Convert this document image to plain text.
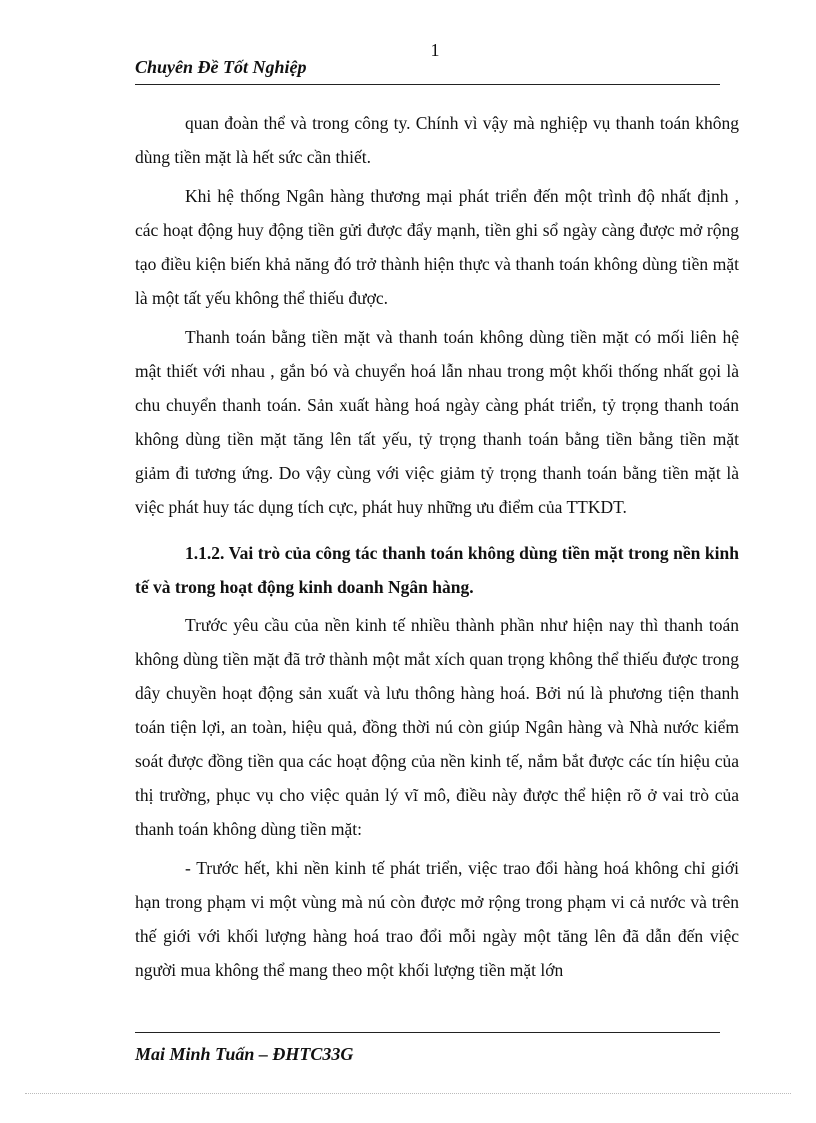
1
Chuyên Đề Tốt Nghiệp

quan đoàn thể và trong công ty. Chính vì vậy mà nghiệp vụ thanh toán không dùng tiền mặt là hết sức cần thiết.

Khi hệ thống Ngân hàng thương mại phát triển đến một trình độ nhất định , các hoạt động huy động tiền gửi được đẩy mạnh, tiền ghi sổ ngày càng được mở rộng tạo điều kiện biến khả năng đó trở thành hiện thực và thanh toán không dùng tiền mặt là một tất yếu không thể thiếu được.

Thanh toán bằng tiền mặt và thanh toán không dùng tiền mặt có mối liên hệ mật thiết với nhau , gắn bó và chuyển hoá lẫn nhau trong một khối thống nhất gọi là chu chuyển thanh toán. Sản xuất hàng hoá ngày càng phát triển, tỷ trọng thanh toán không dùng tiền mặt tăng lên tất yếu, tỷ trọng thanh toán bằng tiền bằng tiền mặt giảm đi tương ứng. Do vậy cùng với việc giảm tỷ trọng thanh toán bằng tiền mặt là việc phát huy tác dụng tích cực, phát huy những ưu điểm của TTKDT.

1.1.2. Vai trò của công tác thanh toán không dùng tiền mặt trong nền kinh tế và trong hoạt động kinh doanh Ngân hàng.

Trước yêu cầu của nền kinh tế nhiều thành phần như hiện nay thì thanh toán không dùng tiền mặt đã trở thành một mắt xích quan trọng không thể thiếu được trong dây chuyền hoạt động sản xuất và lưu thông hàng hoá. Bởi nú là phương tiện thanh toán tiện lợi, an toàn, hiệu quả, đồng thời nú còn giúp Ngân hàng và Nhà nước kiểm soát được đồng tiền qua các hoạt động của nền kinh tế, nắm bắt được các tín hiệu của thị trường, phục vụ cho việc quản lý vĩ mô, điều này được thể hiện rõ ở vai trò của thanh toán không dùng tiền mặt:

- Trước hết, khi nền kinh tế phát triển, việc trao đổi hàng hoá không chỉ giới hạn trong phạm vi một vùng mà nú còn được mở rộng trong phạm vi cả nước và trên thế giới với khối lượng hàng hoá trao đổi mỗi ngày một tăng lên đã dẫn đến việc người mua không thể mang theo một khối lượng tiền mặt lớn

Mai Minh Tuấn – ĐHTC33G
